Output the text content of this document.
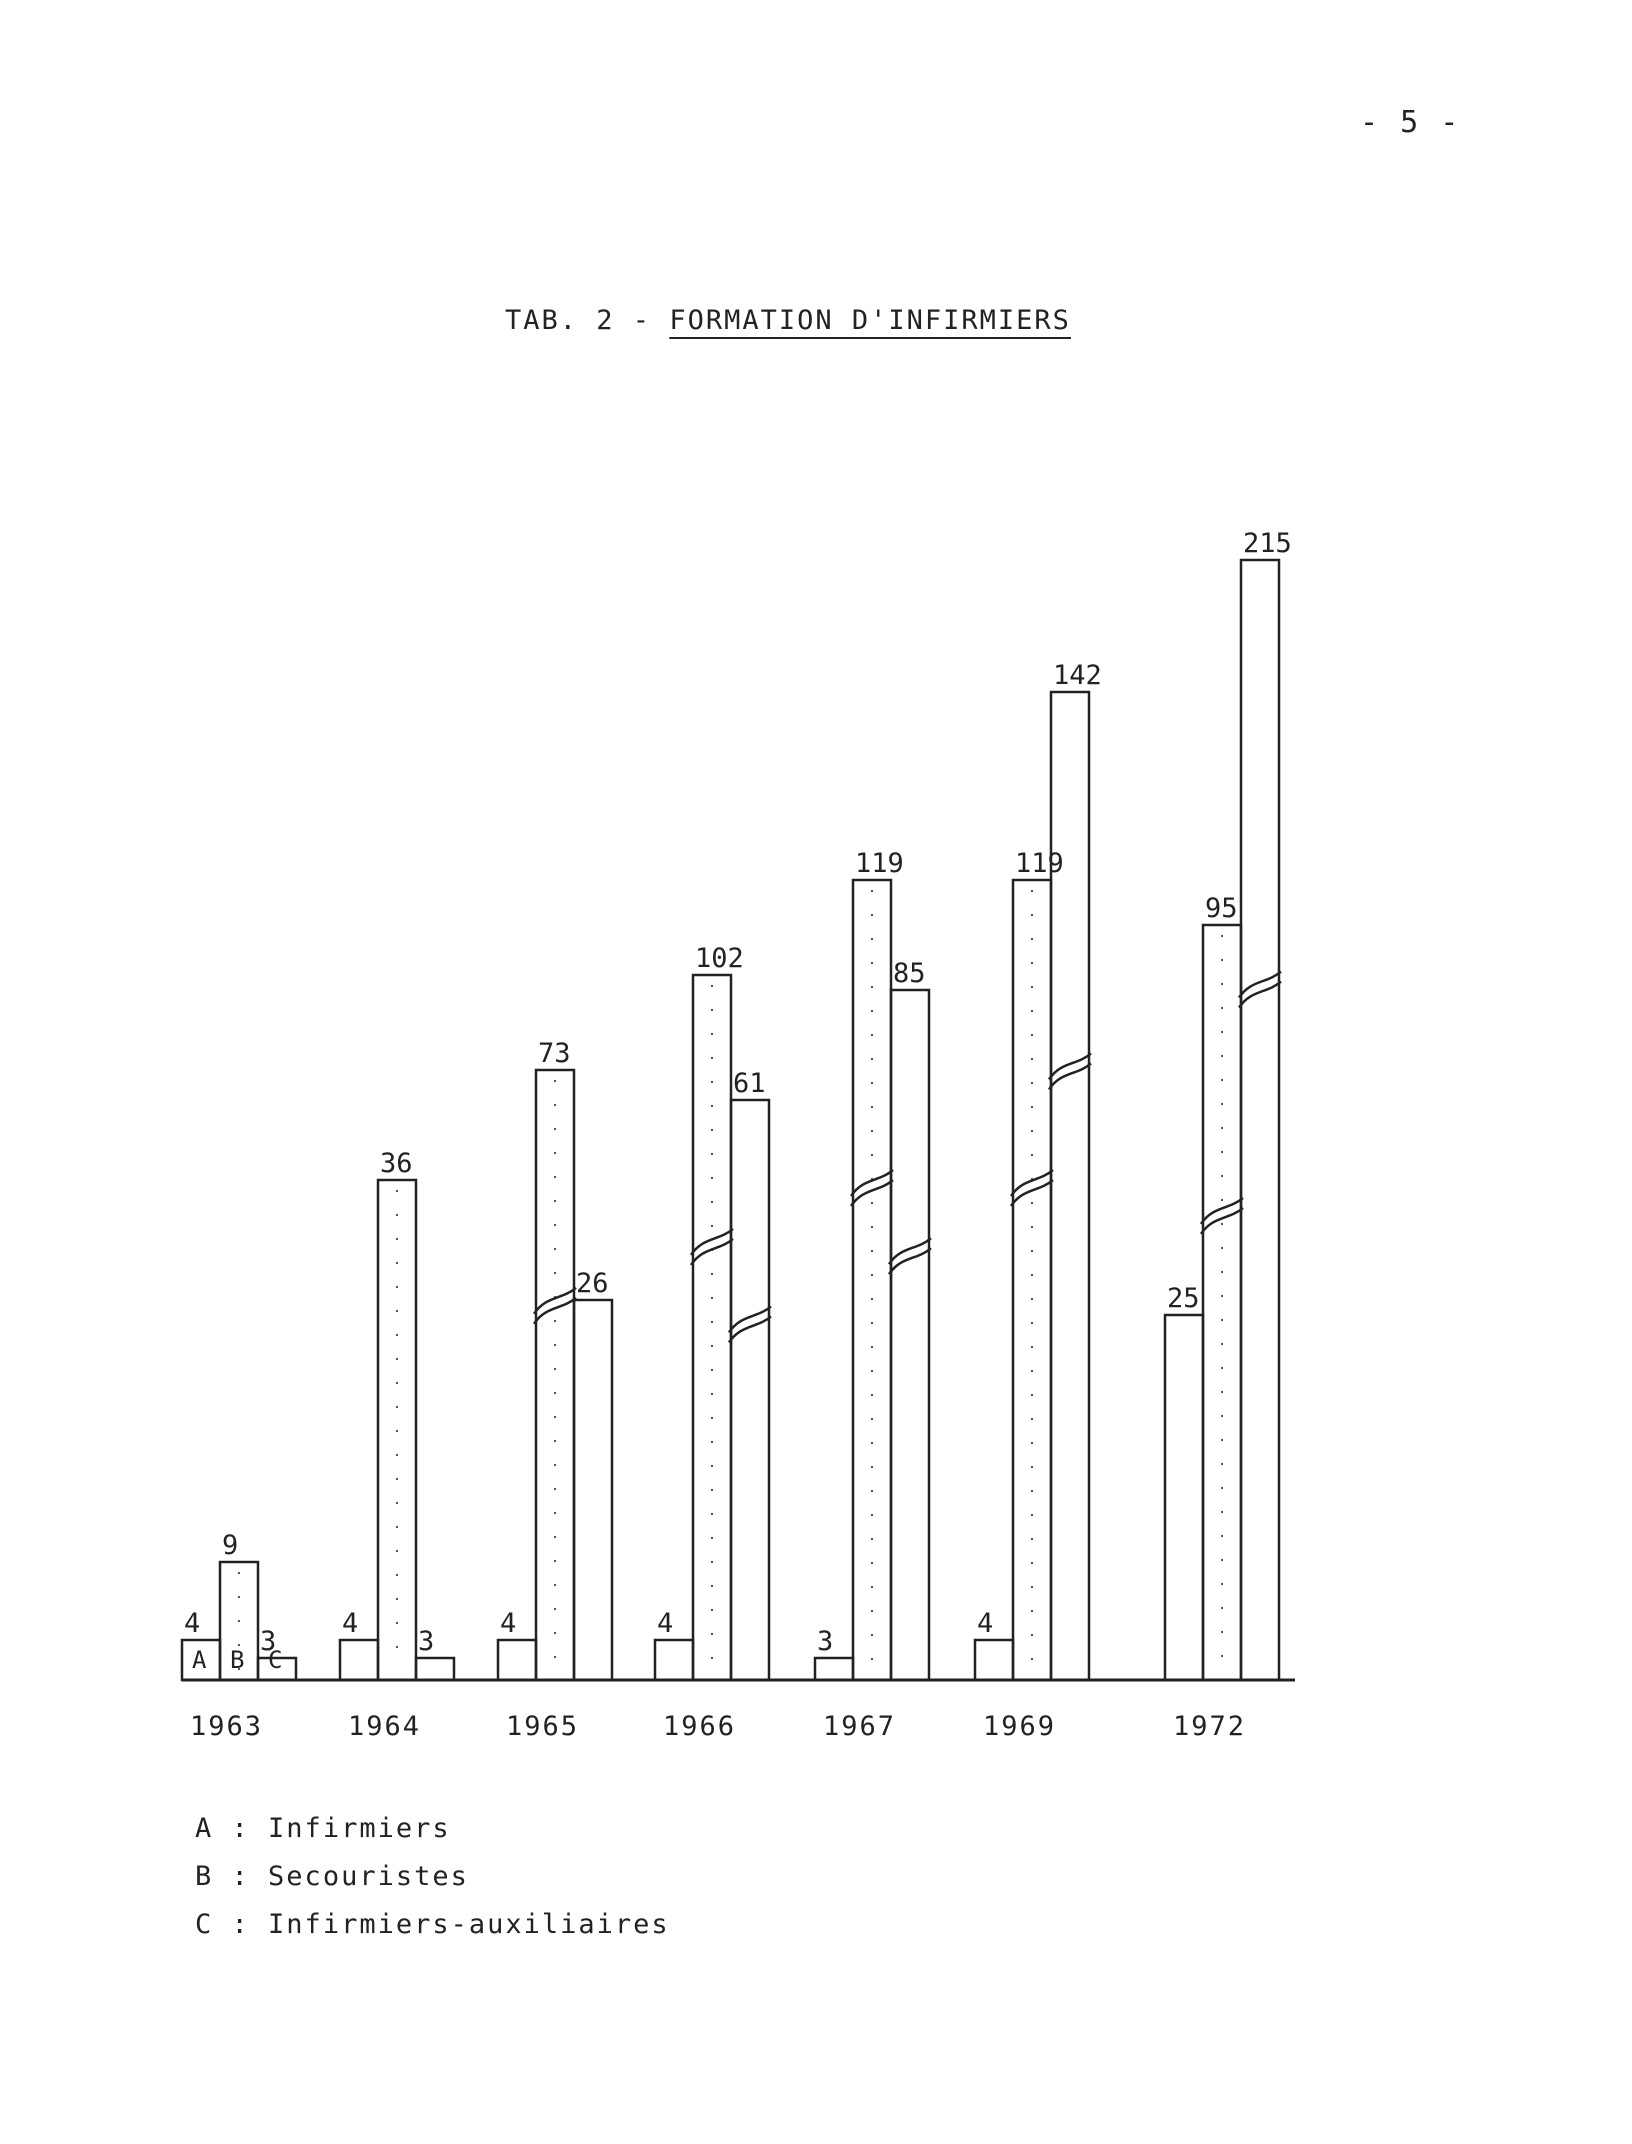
- 5 -
TAB. 2 - FORMATION D'INFIRMIERS
4
A
9
B
3
C
1963
4
36
3
1964
4
73
26
1965
4
102
61
1966
3
119
85
1967
4
119
142
1969
25
95
215
1972
A : Infirmiers
B : Secouristes
C : Infirmiers-auxiliaires
